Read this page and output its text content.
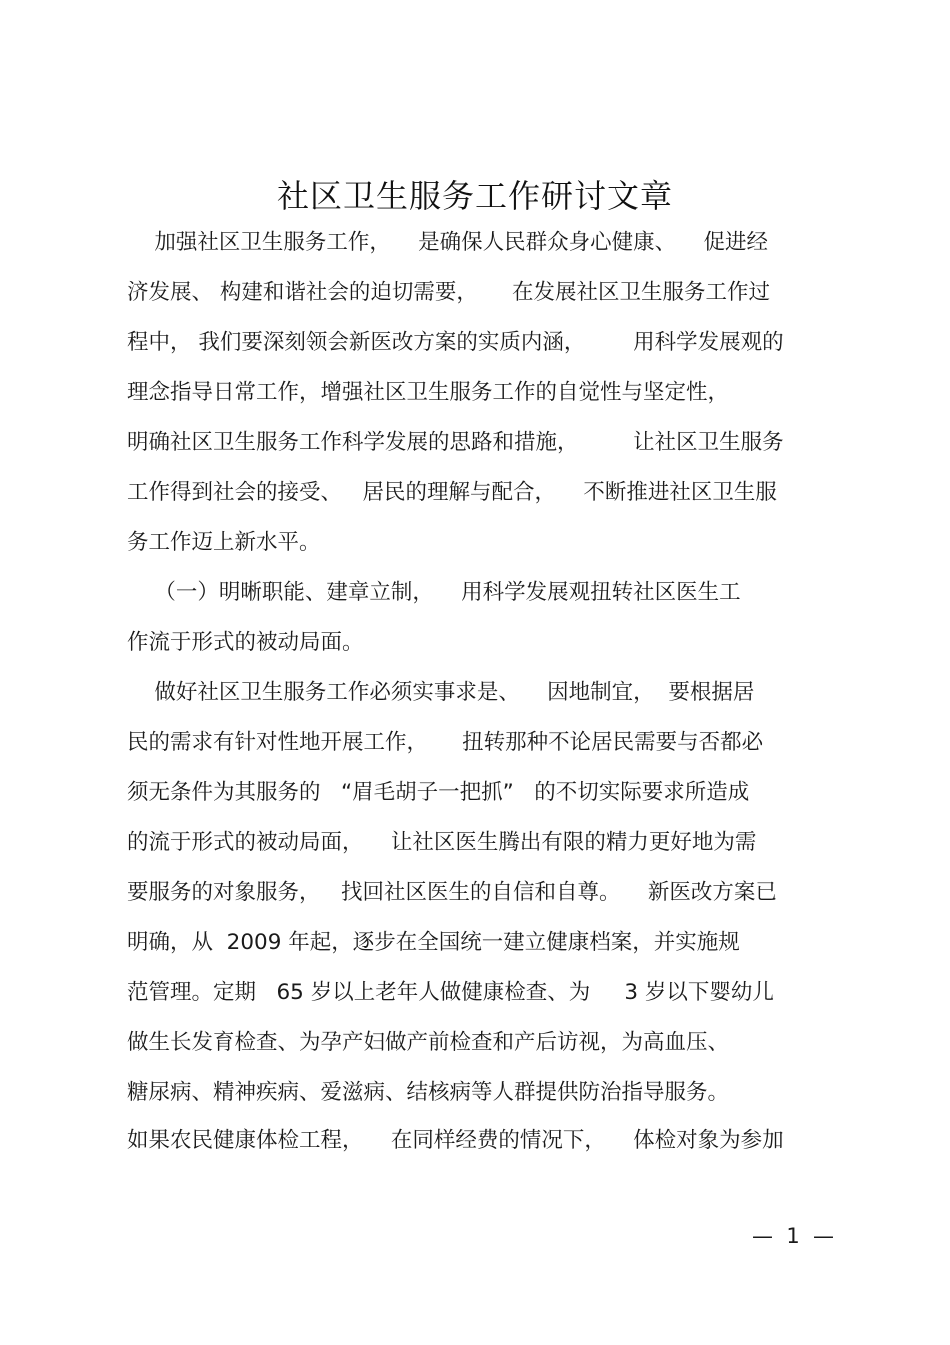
社区卫生服务工作研讨文章
加强社区卫生服务工作，    是确保人民群众身心健康、    促进经
济发展、 构建和谐社会的迫切需要，     在发展社区卫生服务工作过
程中， 我们要深刻领会新医改方案的实质内涵，       用科学发展观的
理念指导日常工作，增强社区卫生服务工作的自觉性与坚定性，
明确社区卫生服务工作科学发展的思路和措施，        让社区卫生服务
工作得到社会的接受、   居民的理解与配合，    不断推进社区卫生服
务工作迈上新水平。
（一）明晰职能、建章立制，    用科学发展观扭转社区医生工
作流于形式的被动局面。
做好社区卫生服务工作必须实事求是、    因地制宜，  要根据居
民的需求有针对性地开展工作，     扭转那种不论居民需要与否都必
须无条件为其服务的   “眉毛胡子一把抓”   的不切实际要求所造成
的流于形式的被动局面，    让社区医生腾出有限的精力更好地为需
要服务的对象服务，   找回社区医生的自信和自尊。    新医改方案已
明确，从  2009 年起，逐步在全国统一建立健康档案，并实施规
范管理。定期   65 岁以上老年人做健康检查、为     3 岁以下婴幼儿
做生长发育检查、为孕产妇做产前检查和产后访视，为高血压、
糖尿病、精神疾病、爱滋病、结核病等人群提供防治指导服务。
如果农民健康体检工程，    在同样经费的情况下，    体检对象为参加
—  1  —
